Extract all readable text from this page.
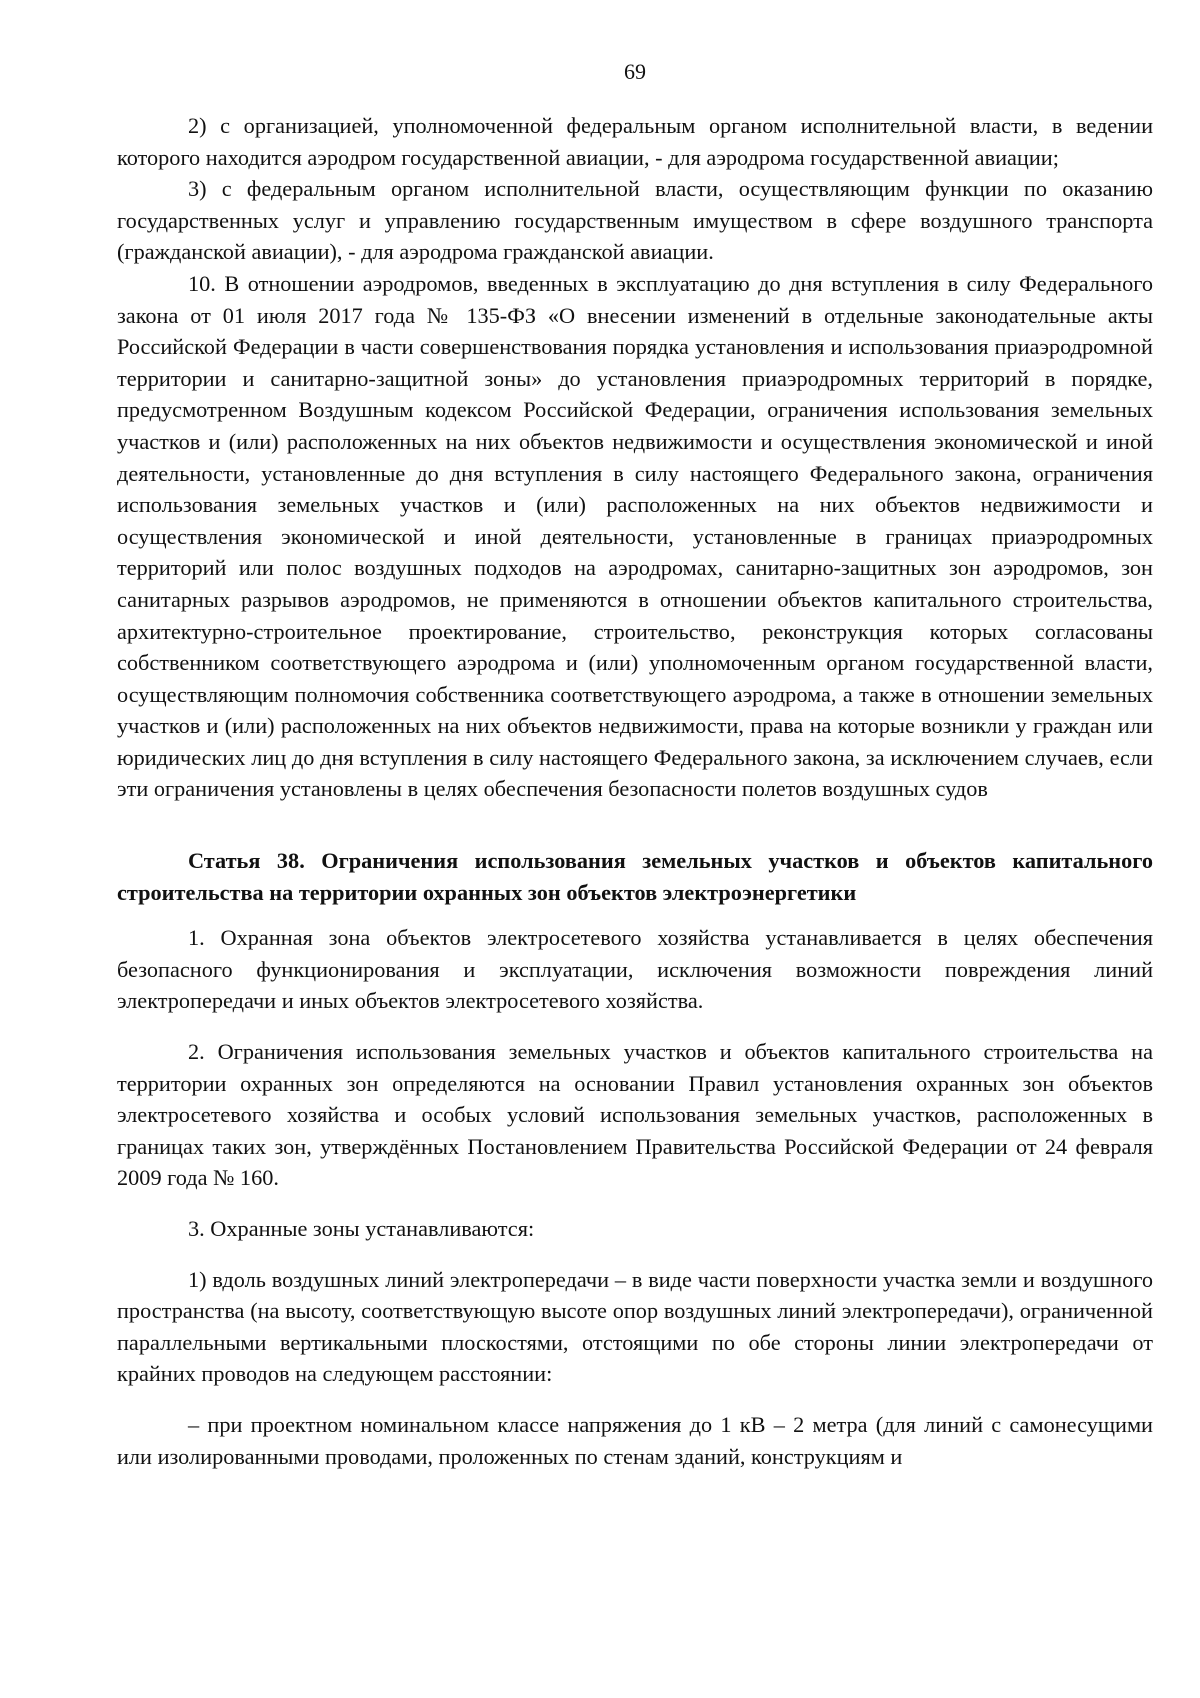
69

2) с организацией, уполномоченной федеральным органом исполнительной власти, в ведении которого находится аэродром государственной авиации, - для аэродрома государственной авиации;

3) с федеральным органом исполнительной власти, осуществляющим функции по оказанию государственных услуг и управлению государственным имуществом в сфере воздушного транспорта (гражданской авиации), - для аэродрома гражданской авиации.

10. В отношении аэродромов, введенных в эксплуатацию до дня вступления в силу Федерального закона от 01 июля 2017 года № 135-ФЗ «О внесении изменений в отдельные законодательные акты Российской Федерации в части совершенствования порядка установления и использования приаэродромной территории и санитарно-защитной зоны» до установления приаэродромных территорий в порядке, предусмотренном Воздушным кодексом Российской Федерации, ограничения использования земельных участков и (или) расположенных на них объектов недвижимости и осуществления экономической и иной деятельности, установленные до дня вступления в силу настоящего Федерального закона, ограничения использования земельных участков и (или) расположенных на них объектов недвижимости и осуществления экономической и иной деятельности, установленные в границах приаэродромных территорий или полос воздушных подходов на аэродромах, санитарно-защитных зон аэродромов, зон санитарных разрывов аэродромов, не применяются в отношении объектов капитального строительства, архитектурно-строительное проектирование, строительство, реконструкция которых согласованы собственником соответствующего аэродрома и (или) уполномоченным органом государственной власти, осуществляющим полномочия собственника соответствующего аэродрома, а также в отношении земельных участков и (или) расположенных на них объектов недвижимости, права на которые возникли у граждан или юридических лиц до дня вступления в силу настоящего Федерального закона, за исключением случаев, если эти ограничения установлены в целях обеспечения безопасности полетов воздушных судов

Статья 38. Ограничения использования земельных участков и объектов капитального строительства на территории охранных зон объектов электроэнергетики

1. Охранная зона объектов электросетевого хозяйства устанавливается в целях обеспечения безопасного функционирования и эксплуатации, исключения возможности повреждения линий электропередачи и иных объектов электросетевого хозяйства.

2. Ограничения использования земельных участков и объектов капитального строительства на территории охранных зон определяются на основании Правил установления охранных зон объектов электросетевого хозяйства и особых условий использования земельных участков, расположенных в границах таких зон, утверждённых Постановлением Правительства Российской Федерации от 24 февраля 2009 года № 160.

3. Охранные зоны устанавливаются:

1) вдоль воздушных линий электропередачи – в виде части поверхности участка земли и воздушного пространства (на высоту, соответствующую высоте опор воздушных линий электропередачи), ограниченной параллельными вертикальными плоскостями, отстоящими по обе стороны линии электропередачи от крайних проводов на следующем расстоянии:

– при проектном номинальном классе напряжения до 1 кВ – 2 метра (для линий с самонесущими или изолированными проводами, проложенных по стенам зданий, конструкциям и
